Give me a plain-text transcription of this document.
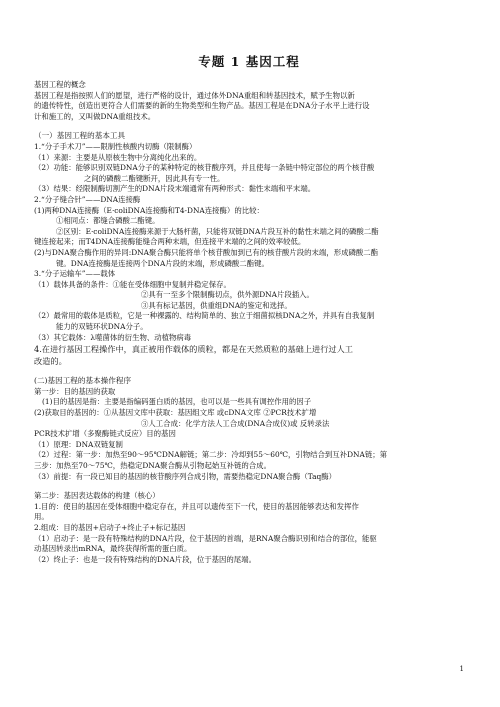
专题 1 基因工程
基因工程的概念
基因工程是指按照人们的愿望，进行严格的设计，通过体外DNA重组和转基因技术，赋予生物以新
的遗传特性，创造出更符合人们需要的新的生物类型和生物产品。基因工程是在DNA分子水平上进行设
计和施工的，又叫做DNA重组技术。
（一）基因工程的基本工具
1.“分子手术刀”——限制性核酸内切酶（限制酶）
（1）来源：主要是从原核生物中分离纯化出来的。
（2）功能：能够识别双链DNA分子的某种特定的核苷酸序列，并且使每一条链中特定部位的两个核苷酸
之间的磷酸二酯键断开，因此具有专一性。
（3）结果：经限制酶切割产生的DNA片段末端通常有两种形式：黏性末端和平末端。
2.“分子缝合针”——DNA连接酶
(1)两种DNA连接酶（E·coliDNA连接酶和T4-DNA连接酶）的比较：
①相同点：都缝合磷酸二酯键。
②区别：E·coliDNA连接酶来源于大肠杆菌，只能将双链DNA片段互补的黏性末端之间的磷酸二酯
键连接起来；而T4DNA连接酶能缝合两种末端，但连接平末端的之间的效率较低。
(2)与DNA聚合酶作用的异同:DNA聚合酶只能将单个核苷酸加到已有的核苷酸片段的末端，形成磷酸二酯
键。DNA连接酶是连接两个DNA片段的末端，形成磷酸二酯键。
3.“分子运输车”——载体
（1）载体具备的条件：①能在受体细胞中复制并稳定保存。
②具有一至多个限制酶切点，供外源DNA片段插入。
③具有标记基因，供重组DNA的鉴定和选择。
（2）最常用的载体是质粒，它是一种裸露的、结构简单的、独立于细菌拟核DNA之外，并具有自我复制
能力的双链环状DNA分子。
（3）其它载体：λ噬菌体的衍生物、动植物病毒
4.在进行基因工程操作中，真正被用作载体的质粒，都是在天然质粒的基础上进行过人工
改造的。
(二)基因工程的基本操作程序
第一步：目的基因的获取
(1)目的基因是指：主要是指编码蛋白质的基因，也可以是一些具有调控作用的因子
(2)获取目的基因的：①从基因文库中获取：基因组文库 或cDNA文库 ②PCR技术扩增
③人工合成：化学方法人工合成(DNA合成仪)或 反转录法
PCR技术扩增（多聚酶链式反应）目的基因
（1）原理：DNA双链复制
（2）过程：第一步：加热至90～95℃DNA解链；第二步：冷却到55～60℃，引物结合到互补DNA链；第
三步：加热至70～75℃，热稳定DNA聚合酶从引物起始互补链的合成。
（3）前提：有一段已知目的基因的核苷酸序列合成引物，需要热稳定DNA聚合酶（Taq酶）
第二步：基因表达载体的构建（核心）
1.目的：使目的基因在受体细胞中稳定存在，并且可以遗传至下一代，使目的基因能够表达和发挥作
用。
2.组成：目的基因+启动子+终止子+标记基因
（1）启动子：是一段有特殊结构的DNA片段，位于基因的首端，是RNA聚合酶识别和结合的部位，能驱
动基因转录出mRNA，最终获得所需的蛋白质。
（2）终止子：也是一段有特殊结构的DNA片段，位于基因的尾端。
1
